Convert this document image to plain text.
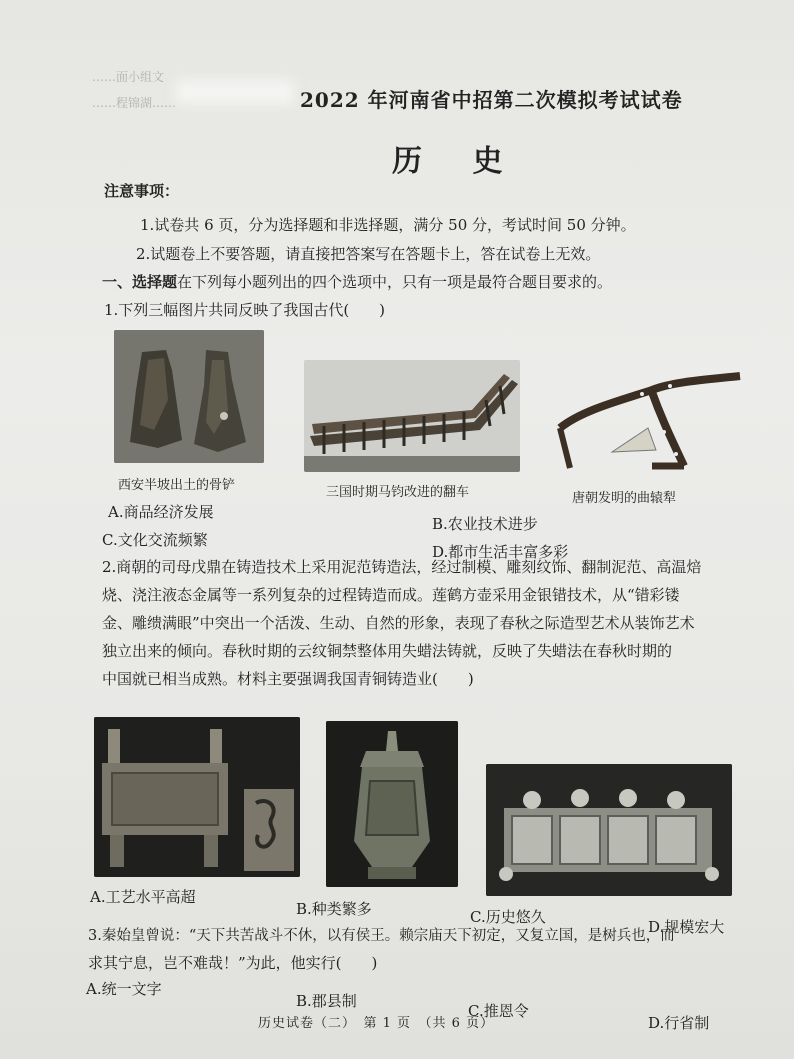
……面小组文
……程锦湖……	2022 年河南省中招第二次模拟考试试卷
历 史
注意事项：
1.试卷共 6 页，分为选择题和非选择题，满分 50 分，考试时间 50 分钟。
2.试题卷上不要答题，请直接把答案写在答题卡上，答在试卷上无效。
一、选择题在下列每小题列出的四个选项中，只有一项是最符合题目要求的。
1.下列三幅图片共同反映了我国古代(　　)
西安半坡出土的骨铲	三国时期马钧改进的翻车	唐朝发明的曲辕犁
A.商品经济发展
B.农业技术进步
C.文化交流频繁
D.都市生活丰富多彩
2.商朝的司母戊鼎在铸造技术上采用泥范铸造法，经过制模、雕刻纹饰、翻制泥范、高温焙
烧、浇注液态金属等一系列复杂的过程铸造而成。莲鹤方壶采用金银错技术，从“错彩镂
金、雕缋满眼”中突出一个活泼、生动、自然的形象，表现了春秋之际造型艺术从装饰艺术
独立出来的倾向。春秋时期的云纹铜禁整体用失蜡法铸就，反映了失蜡法在春秋时期的
中国就已相当成熟。材料主要强调我国青铜铸造业(　　)
A.工艺水平高超
B.种类繁多	C.历史悠久
D.规模宏大
3.秦始皇曾说：“天下共苦战斗不休，以有侯王。赖宗庙天下初定，又复立国，是树兵也，而
求其宁息，岂不难哉！”为此，他实行(　　)
A.统一文字
B.郡县制
C.推恩令
D.行省制
历史试卷（二）　第 1 页　（共 6 页）
